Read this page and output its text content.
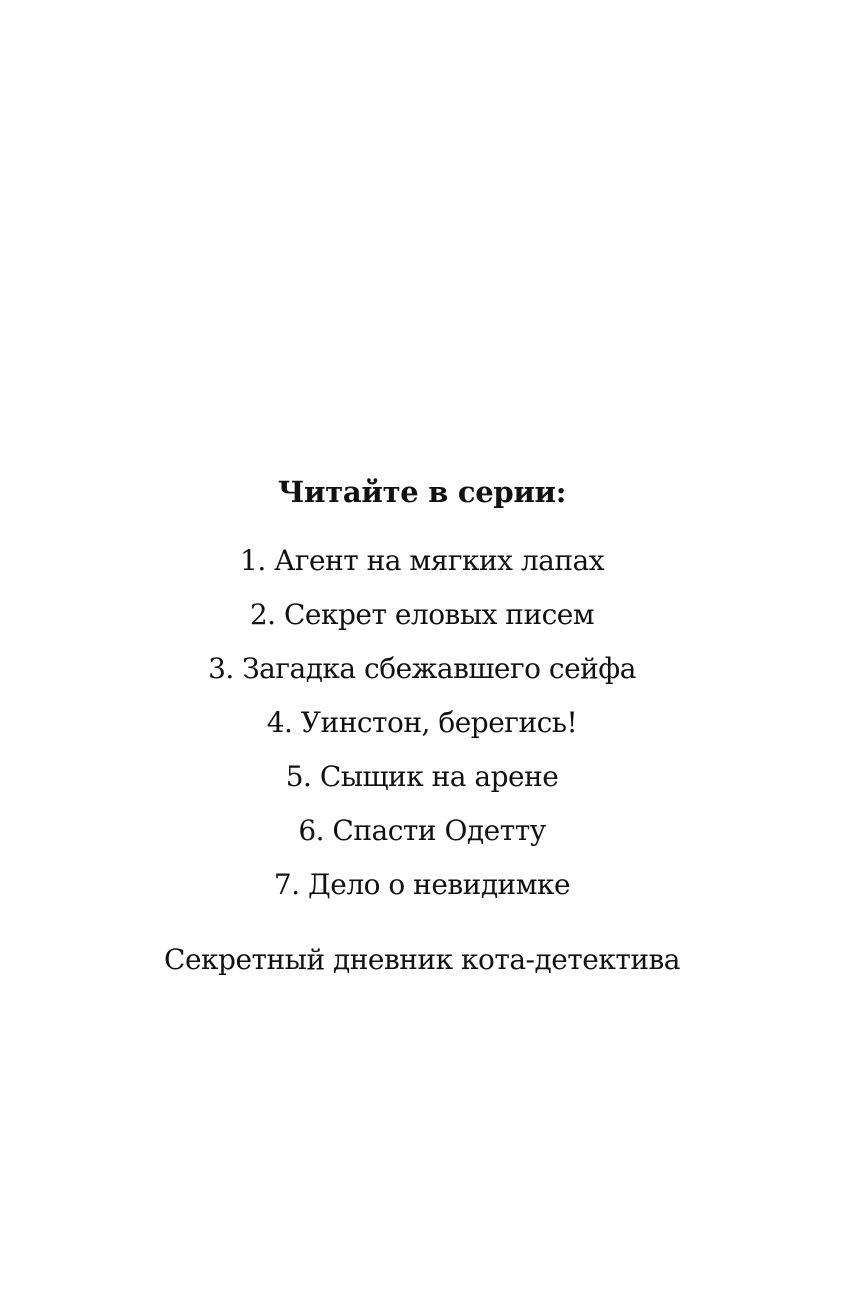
Читайте в серии:
1. Агент на мягких лапах
2. Секрет еловых писем
3. Загадка сбежавшего сейфа
4. Уинстон, берегись!
5. Сыщик на арене
6. Спасти Одетту
7. Дело о невидимке
Секретный дневник кота-детектива
